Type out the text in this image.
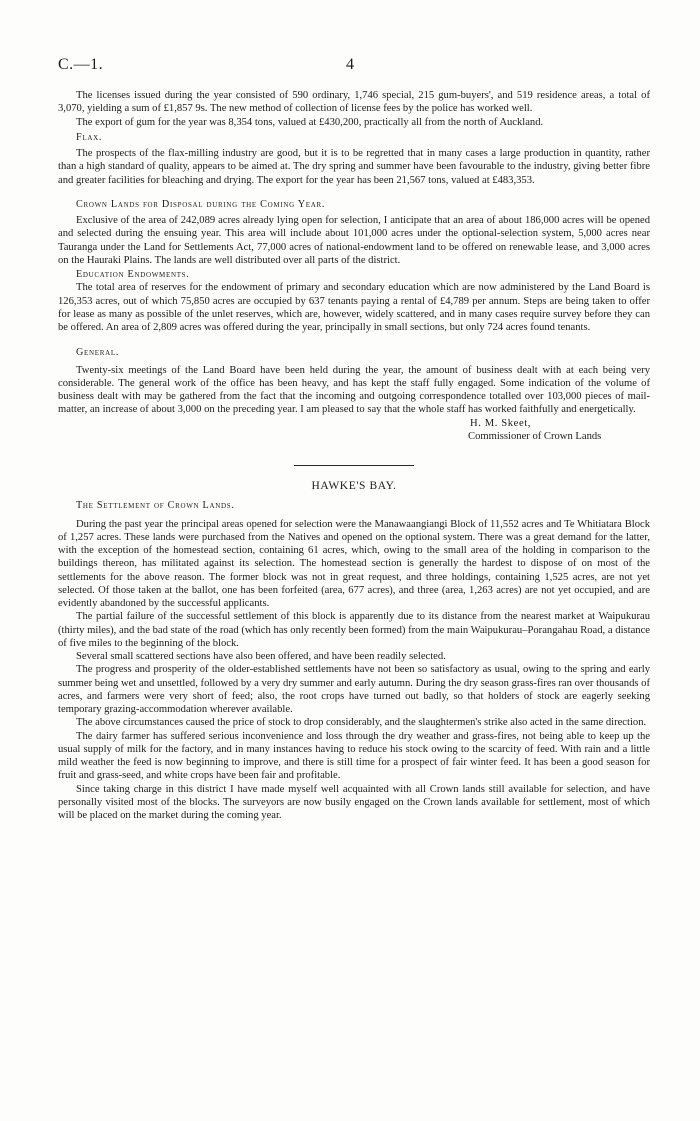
C.—1.	4

The licenses issued during the year consisted of 590 ordinary, 1,746 special, 215 gum-buyers', and 519 residence areas, a total of 3,070, yielding a sum of £1,857 9s. The new method of collection of license fees by the police has worked well.

The export of gum for the year was 8,354 tons, valued at £430,200, practically all from the north of Auckland.

Flax.

The prospects of the flax-milling industry are good, but it is to be regretted that in many cases a large production in quantity, rather than a high standard of quality, appears to be aimed at. The dry spring and summer have been favourable to the industry, giving better fibre and greater facilities for bleaching and drying. The export for the year has been 21,567 tons, valued at £483,353.

Crown Lands for Disposal during the Coming Year.

Exclusive of the area of 242,089 acres already lying open for selection, I anticipate that an area of about 186,000 acres will be opened and selected during the ensuing year. This area will include about 101,000 acres under the optional-selection system, 5,000 acres near Tauranga under the Land for Settlements Act, 77,000 acres of national-endowment land to be offered on renewable lease, and 3,000 acres on the Hauraki Plains. The lands are well distributed over all parts of the district.

Education Endowments.

The total area of reserves for the endowment of primary and secondary education which are now administered by the Land Board is 126,353 acres, out of which 75,850 acres are occupied by 637 tenants paying a rental of £4,789 per annum. Steps are being taken to offer for lease as many as possible of the unlet reserves, which are, however, widely scattered, and in many cases require survey before they can be offered. An area of 2,809 acres was offered during the year, principally in small sections, but only 724 acres found tenants.

General.

Twenty-six meetings of the Land Board have been held during the year, the amount of business dealt with at each being very considerable. The general work of the office has been heavy, and has kept the staff fully engaged. Some indication of the volume of business dealt with may be gathered from the fact that the incoming and outgoing correspondence totalled over 103,000 pieces of mail-matter, an increase of about 3,000 on the preceding year. I am pleased to say that the whole staff has worked faithfully and energetically.

H. M. Skeet,
Commissioner of Crown Lands
HAWKE'S BAY.

The Settlement of Crown Lands.

During the past year the principal areas opened for selection were the Manawaangiangi Block of 11,552 acres and Te Whitiatara Block of 1,257 acres. These lands were purchased from the Natives and opened on the optional system. There was a great demand for the latter, with the exception of the homestead section, containing 61 acres, which, owing to the small area of the holding in comparison to the buildings thereon, has militated against its selection. The homestead section is generally the hardest to dispose of on most of the settlements for the above reason. The former block was not in great request, and three holdings, containing 1,525 acres, are not yet selected. Of those taken at the ballot, one has been forfeited (area, 677 acres), and three (area, 1,263 acres) are not yet occupied, and are evidently abandoned by the successful applicants.

The partial failure of the successful settlement of this block is apparently due to its distance from the nearest market at Waipukurau (thirty miles), and the bad state of the road (which has only recently been formed) from the main Waipukurau–Porangahau Road, a distance of five miles to the beginning of the block.

Several small scattered sections have also been offered, and have been readily selected.

The progress and prosperity of the older-established settlements have not been so satisfactory as usual, owing to the spring and early summer being wet and unsettled, followed by a very dry summer and early autumn. During the dry season grass-fires ran over thousands of acres, and farmers were very short of feed; also, the root crops have turned out badly, so that holders of stock are eagerly seeking temporary grazing-accommodation wherever available.

The above circumstances caused the price of stock to drop considerably, and the slaughtermen's strike also acted in the same direction.

The dairy farmer has suffered serious inconvenience and loss through the dry weather and grass-fires, not being able to keep up the usual supply of milk for the factory, and in many instances having to reduce his stock owing to the scarcity of feed. With rain and a little mild weather the feed is now beginning to improve, and there is still time for a prospect of fair winter feed. It has been a good season for fruit and grass-seed, and white crops have been fair and profitable.

Since taking charge in this district I have made myself well acquainted with all Crown lands still available for selection, and have personally visited most of the blocks. The surveyors are now busily engaged on the Crown lands available for settlement, most of which will be placed on the market during the coming year.
